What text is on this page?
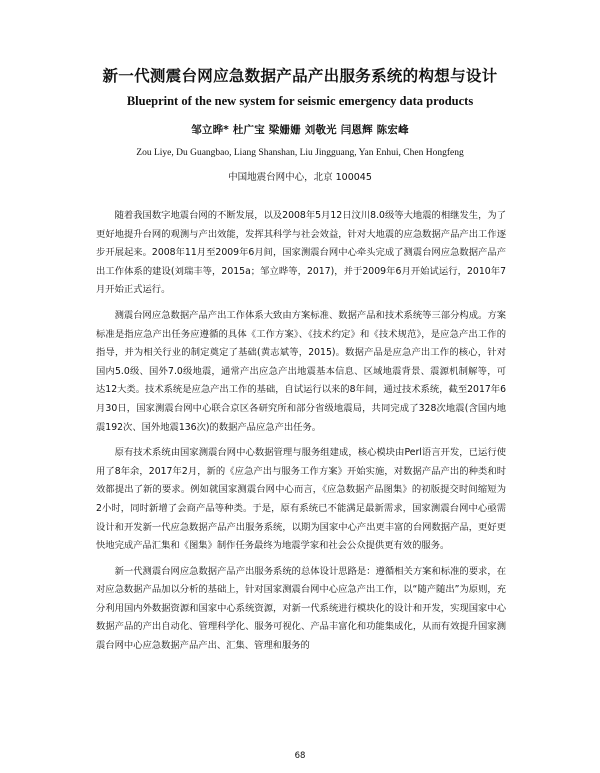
新一代测震台网应急数据产品产出服务系统的构想与设计
Blueprint of the new system for seismic emergency data products
邹立晔* 杜广宝 梁姗姗 刘敬光 闫恩辉 陈宏峰
Zou Liye, Du Guangbao, Liang Shanshan, Liu Jingguang, Yan Enhui, Chen Hongfeng
中国地震台网中心，北京 100045

随着我国数字地震台网的不断发展，以及2008年5月12日汶川8.0级等大地震的相继发生，为了更好地提升台网的观测与产出效能，发挥其科学与社会效益，针对大地震的应急数据产品产出工作逐步开展起来。2008年11月至2009年6月间，国家测震台网中心牵头完成了测震台网应急数据产品产出工作体系的建设(刘瑞丰等，2015a；邹立晔等，2017)，并于2009年6月开始试运行，2010年7月开始正式运行。

测震台网应急数据产品产出工作体系大致由方案标准、数据产品和技术系统等三部分构成。方案标准是指应急产出任务应遵循的具体《工作方案》、《技术约定》和《技术规范》，是应急产出工作的指导，并为相关行业的制定奠定了基础(黄志斌等，2015)。数据产品是应急产出工作的核心，针对国内5.0级、国外7.0级地震，通常产出应急产出地震基本信息、区域地震背景、震源机制解等，可达12大类。技术系统是应急产出工作的基础，自试运行以来的8年间，通过技术系统，截至2017年6月30日，国家测震台网中心联合京区各研究所和部分省级地震局，共同完成了328次地震(含国内地震192次、国外地震136次)的数据产品应急产出任务。

原有技术系统由国家测震台网中心数据管理与服务组建成，核心模块由Perl语言开发，已运行使用了8年余，2017年2月，新的《应急产出与服务工作方案》开始实施，对数据产品产出的种类和时效都提出了新的要求。例如就国家测震台网中心而言，《应急数据产品图集》的初版提交时间缩短为2小时，同时新增了会商产品等种类。于是，原有系统已不能满足最新需求，国家测震台网中心亟需设计和开发新一代应急数据产品产出服务系统，以期为国家中心产出更丰富的台网数据产品，更好更快地完成产品汇集和《图集》制作任务最终为地震学家和社会公众提供更有效的服务。

新一代测震台网应急数据产品产出服务系统的总体设计思路是：遵循相关方案和标准的要求，在对应急数据产品加以分析的基础上，针对国家测震台网中心应急产出工作，以“随产随出”为原则，充分利用国内外数据资源和国家中心系统资源，对新一代系统进行模块化的设计和开发，实现国家中心数据产品的产出自动化、管理科学化、服务可视化、产品丰富化和功能集成化，从而有效提升国家测震台网中心应急数据产品产出、汇集、管理和服务的

68
